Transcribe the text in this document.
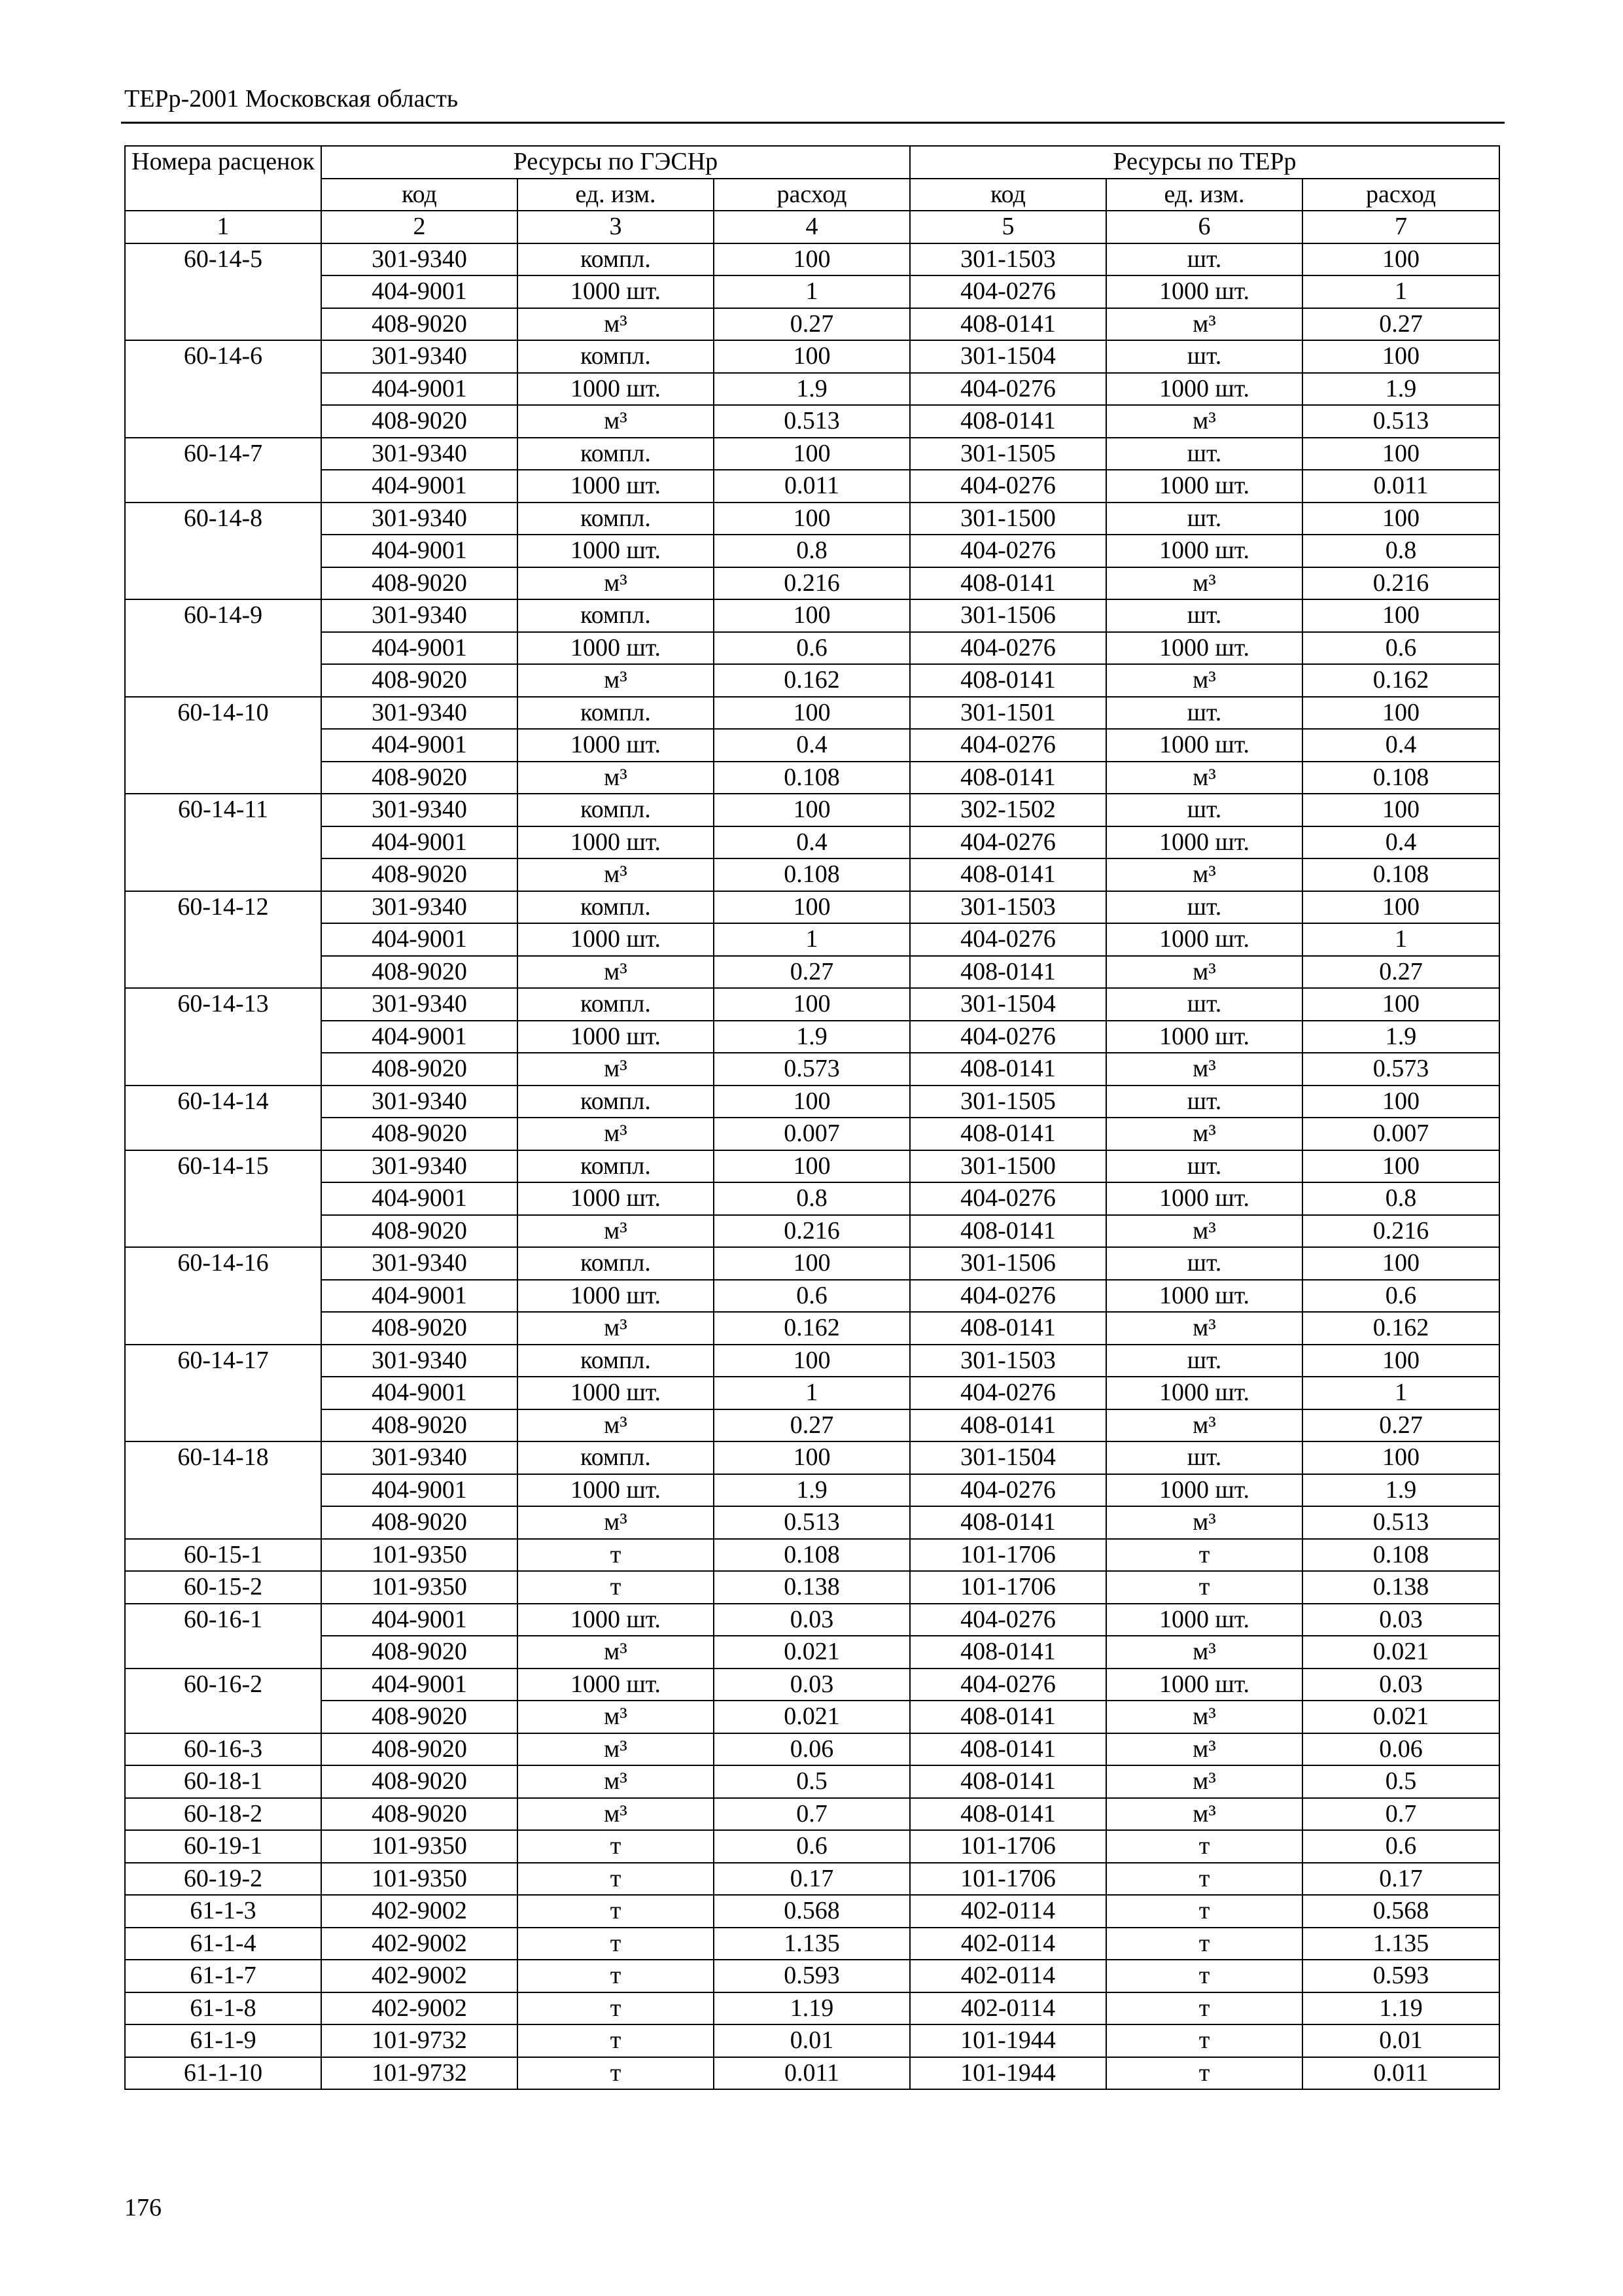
ТЕРр-2001 Московская область
Номера расценок	Ресурсы по ГЭСНр			Ресурсы по ТЕРр		
	код	ед. изм.	расход	код	ед. изм.	расход
1	2	3	4	5	6	7
60-14-5	301-9340	компл.	100	301-1503	шт.	100
	404-9001	1000 шт.	1	404-0276	1000 шт.	1
	408-9020	м³	0.27	408-0141	м³	0.27
60-14-6	301-9340	компл.	100	301-1504	шт.	100
	404-9001	1000 шт.	1.9	404-0276	1000 шт.	1.9
	408-9020	м³	0.513	408-0141	м³	0.513
60-14-7	301-9340	компл.	100	301-1505	шт.	100
	404-9001	1000 шт.	0.011	404-0276	1000 шт.	0.011
60-14-8	301-9340	компл.	100	301-1500	шт.	100
	404-9001	1000 шт.	0.8	404-0276	1000 шт.	0.8
	408-9020	м³	0.216	408-0141	м³	0.216
60-14-9	301-9340	компл.	100	301-1506	шт.	100
	404-9001	1000 шт.	0.6	404-0276	1000 шт.	0.6
	408-9020	м³	0.162	408-0141	м³	0.162
60-14-10	301-9340	компл.	100	301-1501	шт.	100
	404-9001	1000 шт.	0.4	404-0276	1000 шт.	0.4
	408-9020	м³	0.108	408-0141	м³	0.108
60-14-11	301-9340	компл.	100	302-1502	шт.	100
	404-9001	1000 шт.	0.4	404-0276	1000 шт.	0.4
	408-9020	м³	0.108	408-0141	м³	0.108
60-14-12	301-9340	компл.	100	301-1503	шт.	100
	404-9001	1000 шт.	1	404-0276	1000 шт.	1
	408-9020	м³	0.27	408-0141	м³	0.27
60-14-13	301-9340	компл.	100	301-1504	шт.	100
	404-9001	1000 шт.	1.9	404-0276	1000 шт.	1.9
	408-9020	м³	0.573	408-0141	м³	0.573
60-14-14	301-9340	компл.	100	301-1505	шт.	100
	408-9020	м³	0.007	408-0141	м³	0.007
60-14-15	301-9340	компл.	100	301-1500	шт.	100
	404-9001	1000 шт.	0.8	404-0276	1000 шт.	0.8
	408-9020	м³	0.216	408-0141	м³	0.216
60-14-16	301-9340	компл.	100	301-1506	шт.	100
	404-9001	1000 шт.	0.6	404-0276	1000 шт.	0.6
	408-9020	м³	0.162	408-0141	м³	0.162
60-14-17	301-9340	компл.	100	301-1503	шт.	100
	404-9001	1000 шт.	1	404-0276	1000 шт.	1
	408-9020	м³	0.27	408-0141	м³	0.27
60-14-18	301-9340	компл.	100	301-1504	шт.	100
	404-9001	1000 шт.	1.9	404-0276	1000 шт.	1.9
	408-9020	м³	0.513	408-0141	м³	0.513
60-15-1	101-9350	т	0.108	101-1706	т	0.108
60-15-2	101-9350	т	0.138	101-1706	т	0.138
60-16-1	404-9001	1000 шт.	0.03	404-0276	1000 шт.	0.03
	408-9020	м³	0.021	408-0141	м³	0.021
60-16-2	404-9001	1000 шт.	0.03	404-0276	1000 шт.	0.03
	408-9020	м³	0.021	408-0141	м³	0.021
60-16-3	408-9020	м³	0.06	408-0141	м³	0.06
60-18-1	408-9020	м³	0.5	408-0141	м³	0.5
60-18-2	408-9020	м³	0.7	408-0141	м³	0.7
60-19-1	101-9350	т	0.6	101-1706	т	0.6
60-19-2	101-9350	т	0.17	101-1706	т	0.17
61-1-3	402-9002	т	0.568	402-0114	т	0.568
61-1-4	402-9002	т	1.135	402-0114	т	1.135
61-1-7	402-9002	т	0.593	402-0114	т	0.593
61-1-8	402-9002	т	1.19	402-0114	т	1.19
61-1-9	101-9732	т	0.01	101-1944	т	0.01
61-1-10	101-9732	т	0.011	101-1944	т	0.011
176
